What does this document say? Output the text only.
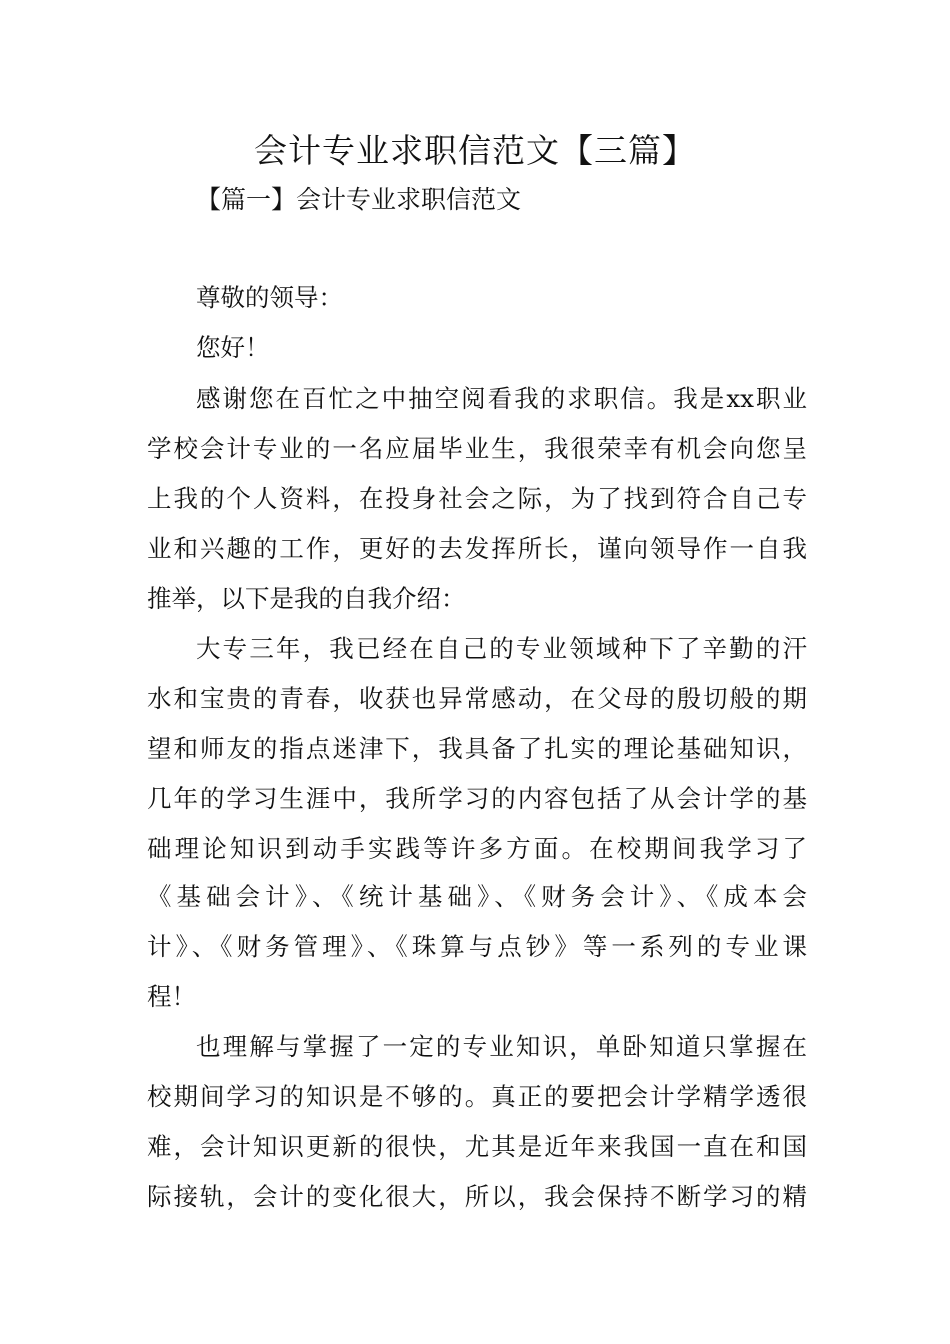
会计专业求职信范文【三篇】
【篇一】会计专业求职信范文
尊敬的领导：
您好！
感谢您在百忙之中抽空阅看我的求职信。我是xx职业
学校会计专业的一名应届毕业生，我很荣幸有机会向您呈
上我的个人资料，在投身社会之际，为了找到符合自己专
业和兴趣的工作，更好的去发挥所长，谨向领导作一自我
推举，以下是我的自我介绍：
大专三年，我已经在自己的专业领域种下了辛勤的汗
水和宝贵的青春，收获也异常感动，在父母的殷切般的期
望和师友的指点迷津下，我具备了扎实的理论基础知识，
几年的学习生涯中，我所学习的内容包括了从会计学的基
础理论知识到动手实践等许多方面。在校期间我学习了
《基础会计》、《统计基础》、《财务会计》、《成本会
计》、《财务管理》、《珠算与点钞》等一系列的专业课
程！
也理解与掌握了一定的专业知识，单卧知道只掌握在
校期间学习的知识是不够的。真正的要把会计学精学透很
难，会计知识更新的很快，尤其是近年来我国一直在和国
际接轨，会计的变化很大，所以，我会保持不断学习的精
